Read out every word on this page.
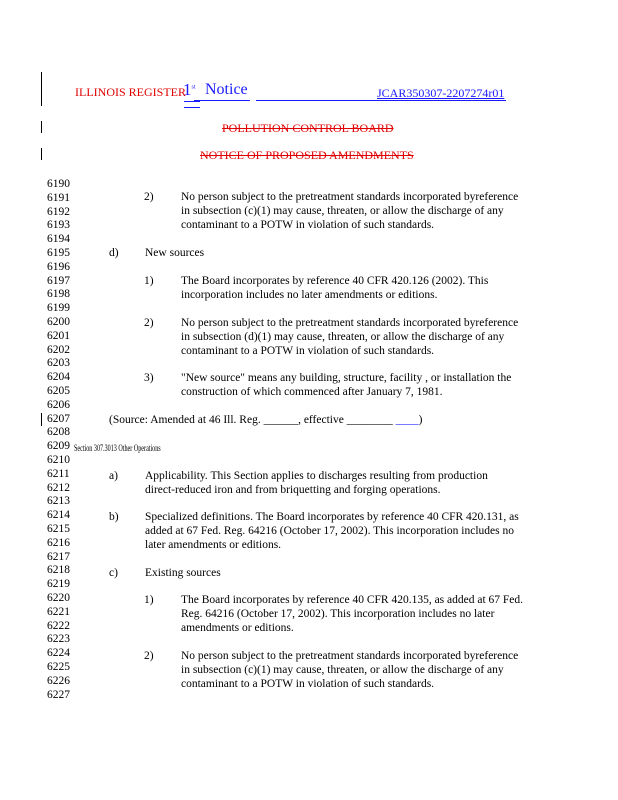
ILLINOIS REGISTER
1st Notice	JCAR350307-2207274r01
POLLUTION CONTROL BOARD
NOTICE OF PROPOSED AMENDMENTS
6190
6191
6192
6193
6194
6195
6196
6197
6198
6199
6200
6201
6202
6203
6204
6205
6206
6207
6208
6209
6210
6211
6212
6213
6214
6215
6216
6217
6218
6219
6220
6221
6222
6223
6224
6225
6226
6227
2) No person subject to the pretreatment standards incorporated byreference
in subsection (c)(1) may cause, threaten, or allow the discharge of any
contaminant to a POTW in violation of such standards.
d) New sources
1) The Board incorporates by reference 40 CFR 420.126 (2002). This
incorporation includes no later amendments or editions.
2) No person subject to the pretreatment standards incorporated byreference
in subsection (d)(1) may cause, threaten, or allow the discharge of any
contaminant to a POTW in violation of such standards.
3) "New source" means any building, structure, facility , or installation the
construction of which commenced after January 7, 1981.
(Source: Amended at 46 Ill. Reg. ______, effective ________ ____)
Section 307.3013 Other Operations
a) Applicability. This Section applies to discharges resulting from production
direct-reduced iron and from briquetting and forging operations.
b) Specialized definitions. The Board incorporates by reference 40 CFR 420.131, as
added at 67 Fed. Reg. 64216 (October 17, 2002). This incorporation includes no
later amendments or editions.
c) Existing sources
1) The Board incorporates by reference 40 CFR 420.135, as added at 67 Fed.
Reg. 64216 (October 17, 2002). This incorporation includes no later
amendments or editions.
2) No person subject to the pretreatment standards incorporated byreference
in subsection (c)(1) may cause, threaten, or allow the discharge of any
contaminant to a POTW in violation of such standards.
